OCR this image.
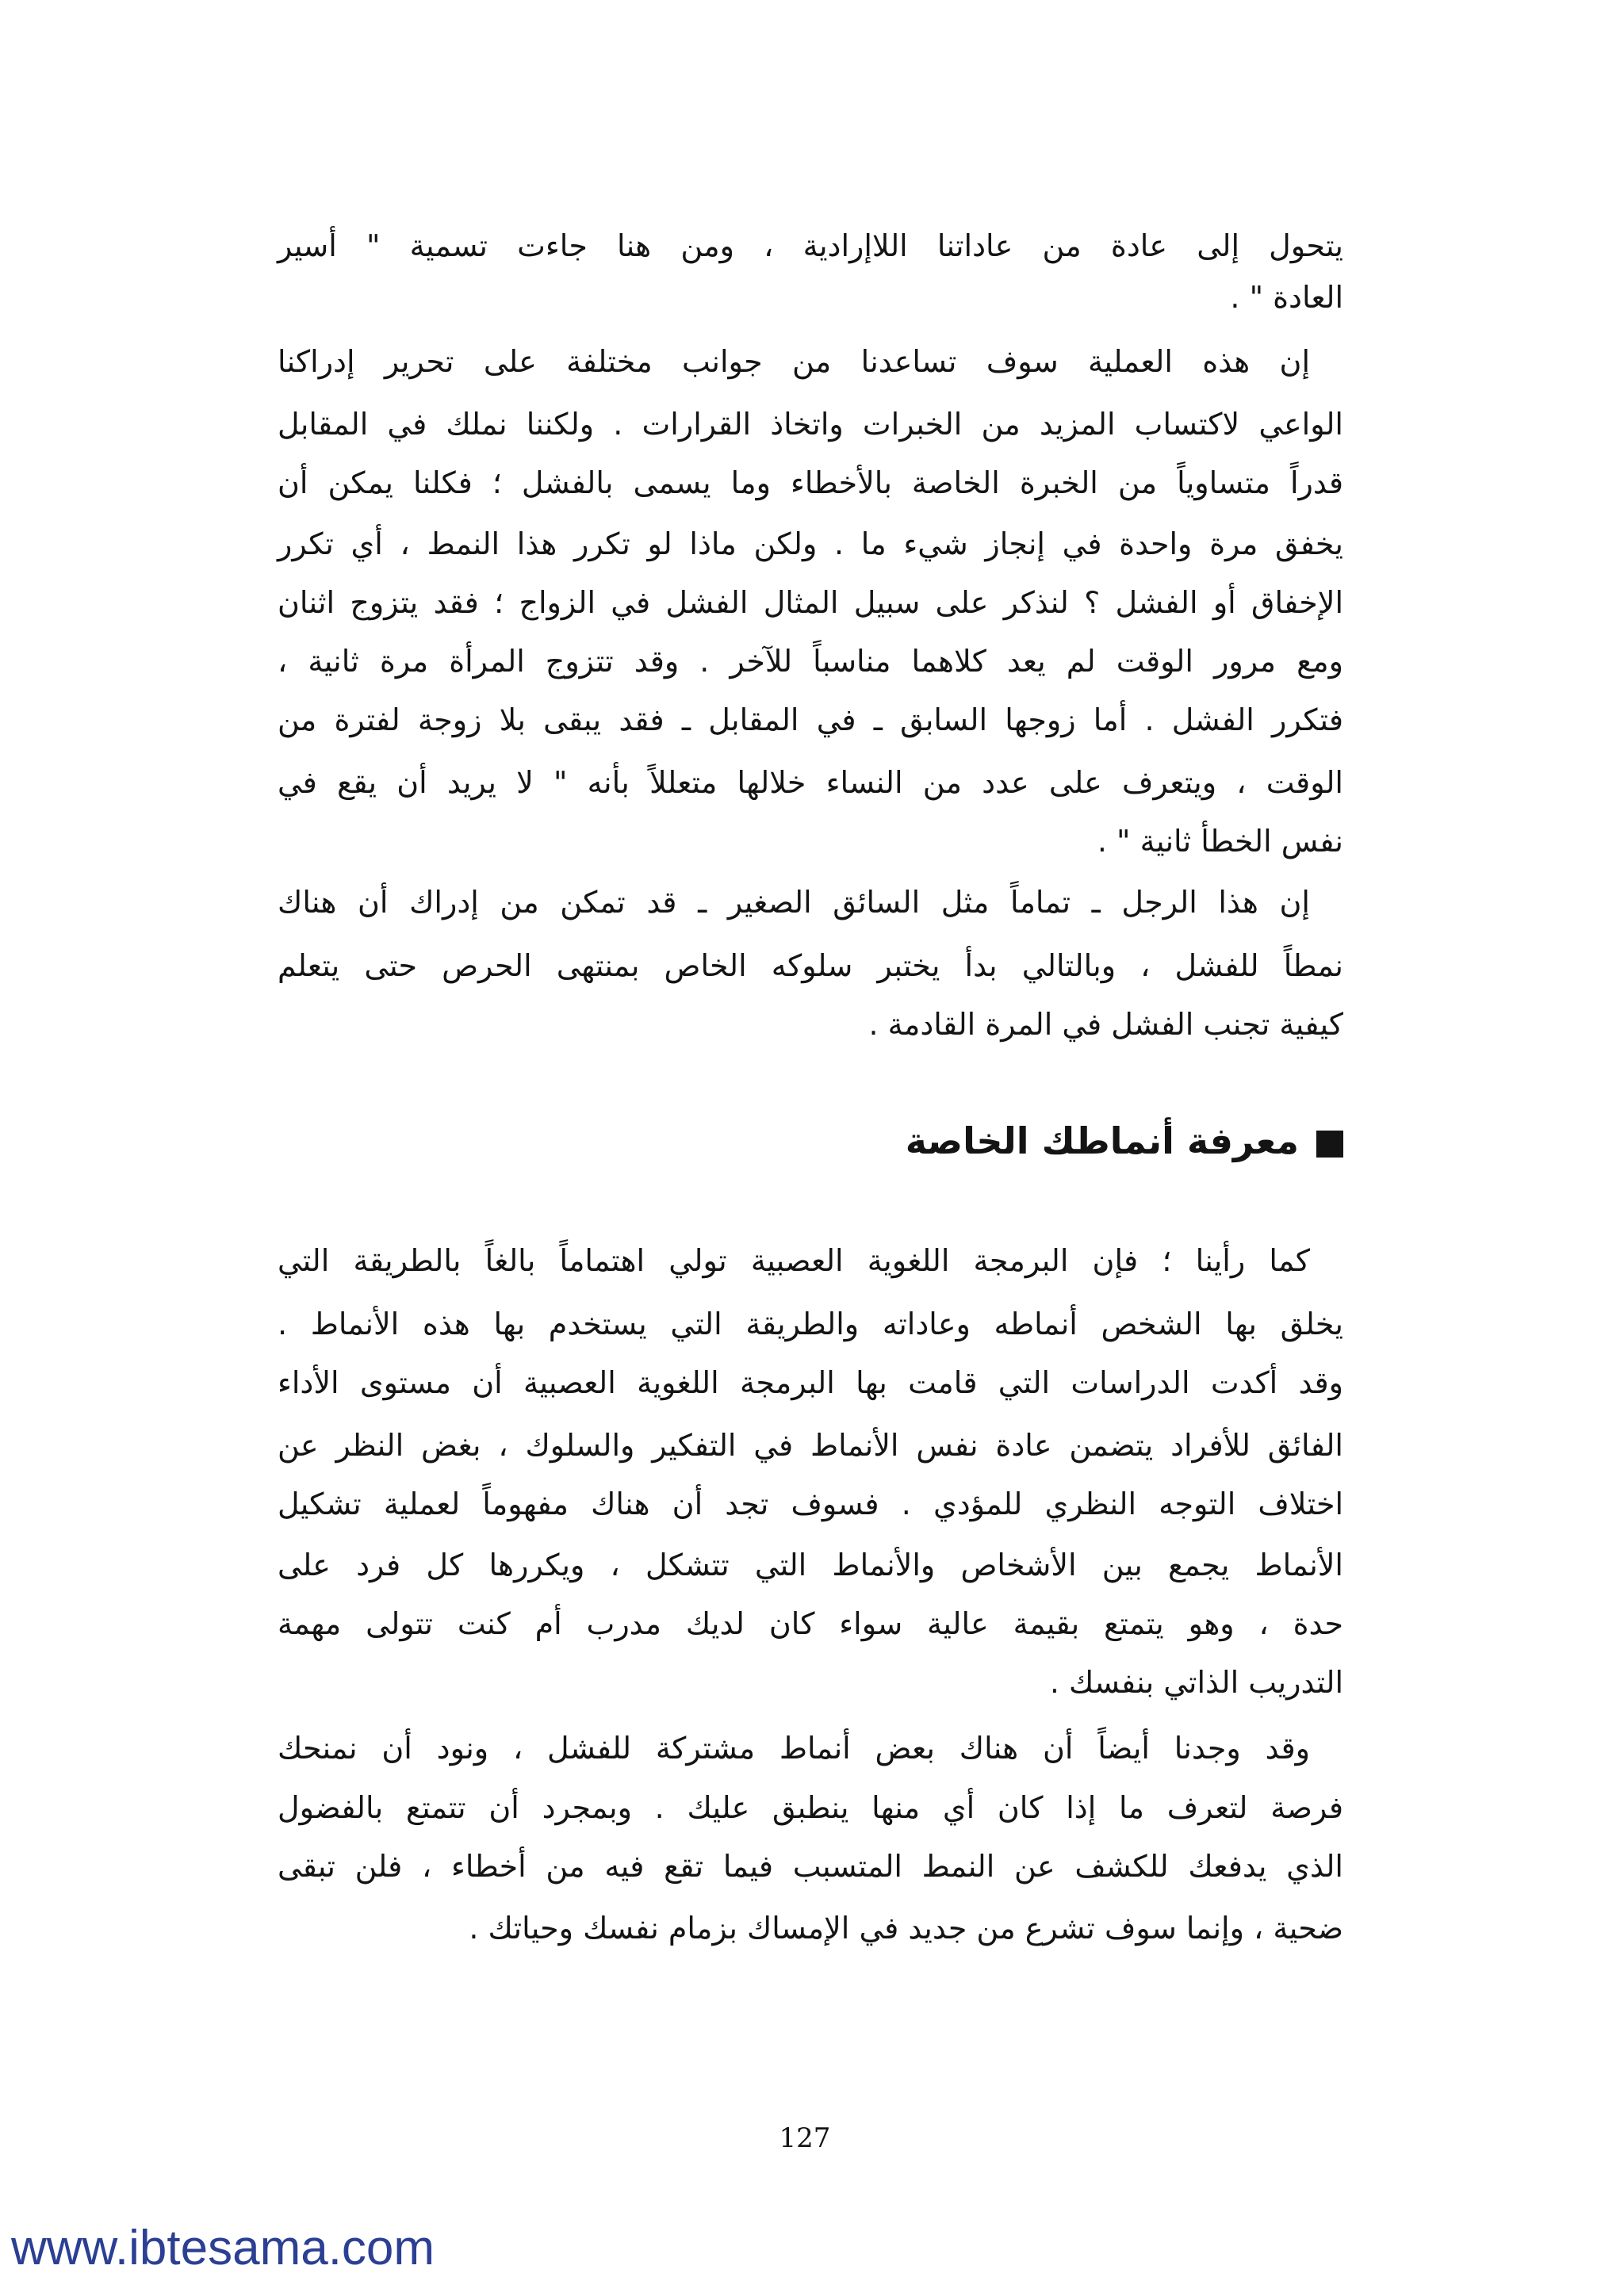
يتحول إلى عادة من عاداتنا اللاإرادية ، ومن هنا جاءت تسمية " أسير
العادة " .
إن هذه العملية سوف تساعدنا من جوانب مختلفة على تحرير إدراكنا
الواعي لاكتساب المزيد من الخبرات واتخاذ القرارات . ولكننا نملك في المقابل
قدراً متساوياً من الخبرة الخاصة بالأخطاء وما يسمى بالفشل ؛ فكلنا يمكن أن
يخفق مرة واحدة في إنجاز شيء ما . ولكن ماذا لو تكرر هذا النمط ، أي تكرر
الإخفاق أو الفشل ؟ لنذكر على سبيل المثال الفشل في الزواج ؛ فقد يتزوج اثنان
ومع مرور الوقت لم يعد كلاهما مناسباً للآخر . وقد تتزوج المرأة مرة ثانية ،
فتكرر الفشل . أما زوجها السابق ـ في المقابل ـ فقد يبقى بلا زوجة لفترة من
الوقت ، ويتعرف على عدد من النساء خلالها متعللاً بأنه " لا يريد أن يقع في
نفس الخطأ ثانية " .
إن هذا الرجل ـ تماماً مثل السائق الصغير ـ قد تمكن من إدراك أن هناك
نمطاً للفشل ، وبالتالي بدأ يختبر سلوكه الخاص بمنتهى الحرص حتى يتعلم
كيفية تجنب الفشل في المرة القادمة .
معرفة أنماطك الخاصة
كما رأينا ؛ فإن البرمجة اللغوية العصبية تولي اهتماماً بالغاً بالطريقة التي
يخلق بها الشخص أنماطه وعاداته والطريقة التي يستخدم بها هذه الأنماط .
وقد أكدت الدراسات التي قامت بها البرمجة اللغوية العصبية أن مستوى الأداء
الفائق للأفراد يتضمن عادة نفس الأنماط في التفكير والسلوك ، بغض النظر عن
اختلاف التوجه النظري للمؤدي . فسوف تجد أن هناك مفهوماً لعملية تشكيل
الأنماط يجمع بين الأشخاص والأنماط التي تتشكل ، ويكررها كل فرد على
حدة ، وهو يتمتع بقيمة عالية سواء كان لديك مدرب أم كنت تتولى مهمة
التدريب الذاتي بنفسك .
وقد وجدنا أيضاً أن هناك بعض أنماط مشتركة للفشل ، ونود أن نمنحك
فرصة لتعرف ما إذا كان أي منها ينطبق عليك . وبمجرد أن تتمتع بالفضول
الذي يدفعك للكشف عن النمط المتسبب فيما تقع فيه من أخطاء ، فلن تبقى
ضحية ، وإنما سوف تشرع من جديد في الإمساك بزمام نفسك وحياتك .
127
www.ibtesama.com
